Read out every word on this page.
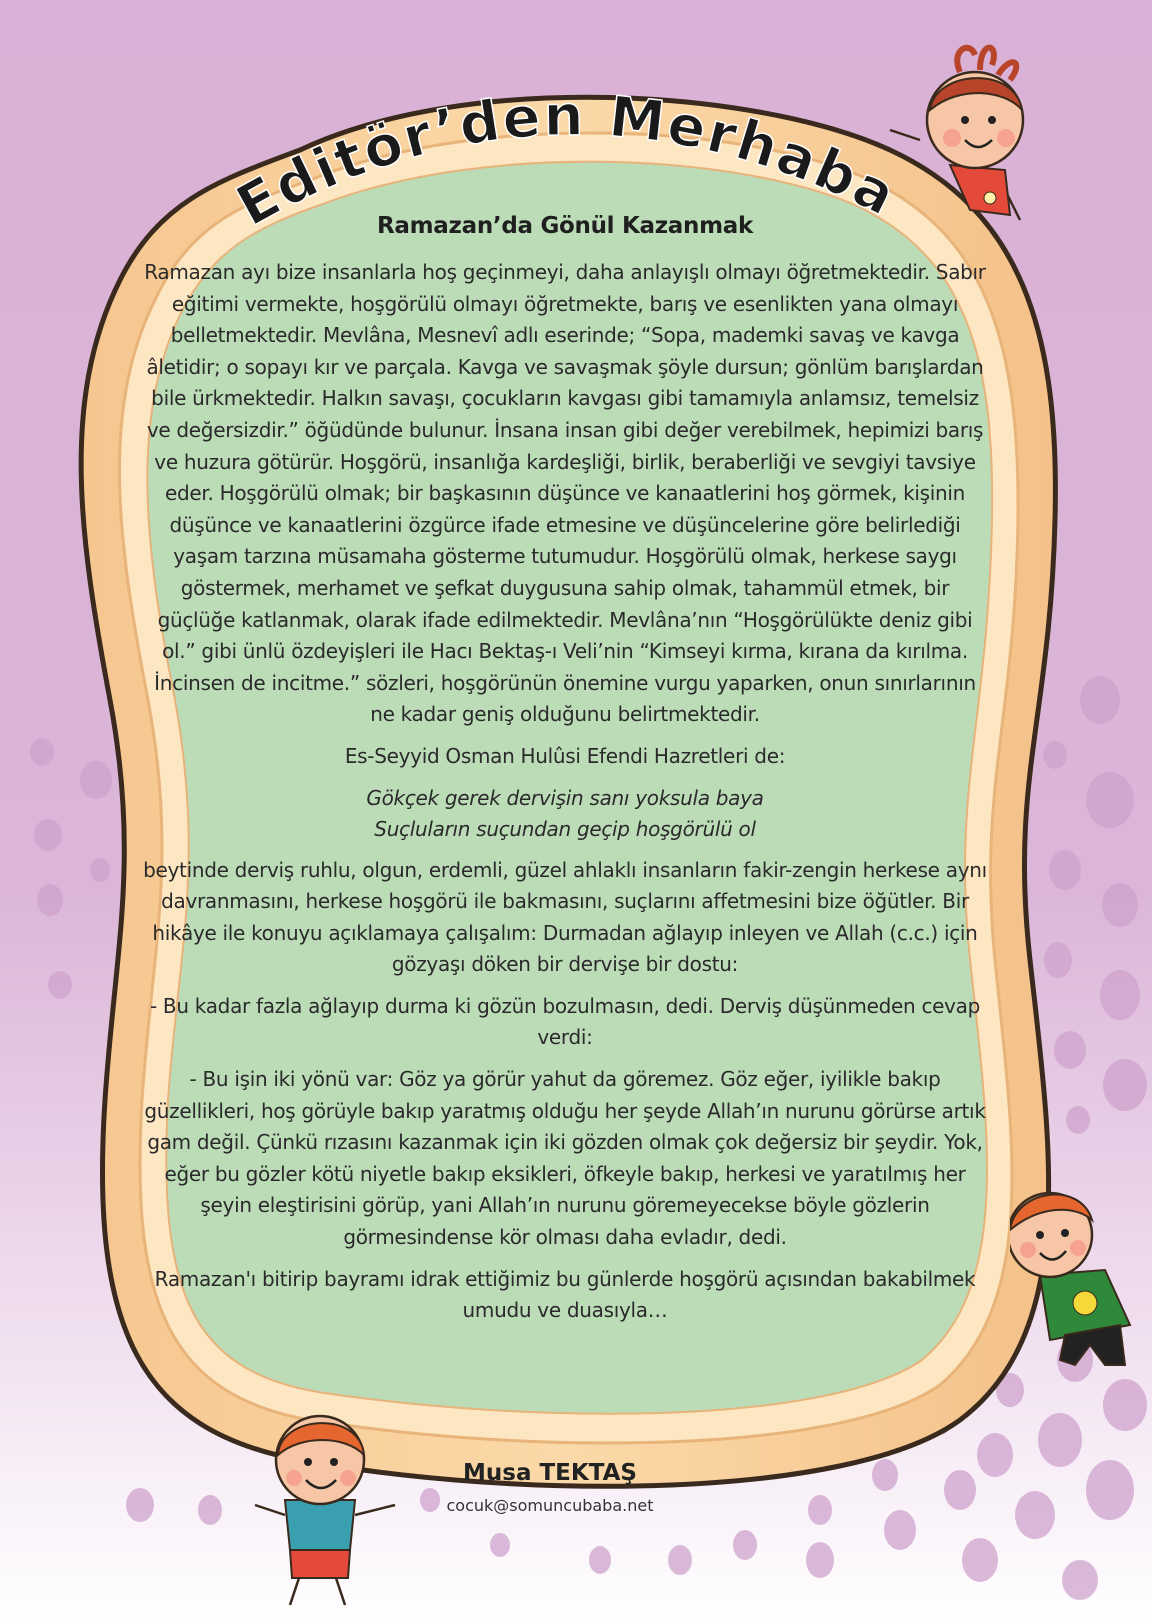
Editör’den Merhaba
Ramazan’da Gönül Kazanmak

Ramazan ayı bize insanlarla hoş geçinmeyi, daha anlayışlı olmayı öğretmektedir. Sabır eğitimi vermekte, hoşgörülü olmayı öğretmekte, barış ve esenlikten yana olmayı belletmektedir. Mevlâna, Mesnevî adlı eserinde; “Sopa, mademki savaş ve kavga âletidir; o sopayı kır ve parçala. Kavga ve savaşmak şöyle dursun; gönlüm barışlardan bile ürkmektedir. Halkın savaşı, çocukların kavgası gibi tamamıyla anlamsız, temelsiz ve değersizdir.” öğüdünde bulunur. İnsana insan gibi değer verebilmek, hepimizi barış ve huzura götürür. Hoşgörü, insanlığa kardeşliği, birlik, beraberliği ve sevgiyi tavsiye eder. Hoşgörülü olmak; bir başkasının düşünce ve kanaatlerini hoş görmek, kişinin düşünce ve kanaatlerini özgürce ifade etmesine ve düşüncelerine göre belirlediği yaşam tarzına müsamaha gösterme tutumudur. Hoşgörülü olmak, herkese saygı göstermek, merhamet ve şefkat duygusuna sahip olmak, tahammül etmek, bir güçlüğe katlanmak, olarak ifade edilmektedir. Mevlâna’nın “Hoşgörülükte deniz gibi ol.” gibi ünlü özdeyişleri ile Hacı Bektaş-ı Veli’nin “Kimseyi kırma, kırana da kırılma. İncinsen de incitme.” sözleri, hoşgörünün önemine vurgu yaparken, onun sınırlarının ne kadar geniş olduğunu belirtmektedir.

Es-Seyyid Osman Hulûsi Efendi Hazretleri de:

Gökçek gerek dervişin sanı yoksula baya
Suçluların suçundan geçip hoşgörülü ol

beytinde derviş ruhlu, olgun, erdemli, güzel ahlaklı insanların fakir-zengin herkese aynı davranmasını, herkese hoşgörü ile bakmasını, suçlarını affetmesini bize öğütler. Bir hikâye ile konuyu açıklamaya çalışalım: Durmadan ağlayıp inleyen ve Allah (c.c.) için gözyaşı döken bir dervişe bir dostu:

- Bu kadar fazla ağlayıp durma ki gözün bozulmasın, dedi. Derviş düşünmeden cevap verdi:

- Bu işin iki yönü var: Göz ya görür yahut da göremez. Göz eğer, iyilikle bakıp güzellikleri, hoş görüyle bakıp yaratmış olduğu her şeyde Allah’ın nurunu görürse artık gam değil. Çünkü rızasını kazanmak için iki gözden olmak çok değersiz bir şeydir. Yok, eğer bu gözler kötü niyetle bakıp eksikleri, öfkeyle bakıp, herkesi ve yaratılmış her şeyin eleştirisini görüp, yani Allah’ın nurunu göremeyecekse böyle gözlerin görmesindense kör olması daha evladır, dedi.

Ramazan'ı bitirip bayramı idrak ettiğimiz bu günlerde hoşgörü açısından bakabilmek umudu ve duasıyla…

Musa TEKTAŞ
cocuk@somuncubaba.net
